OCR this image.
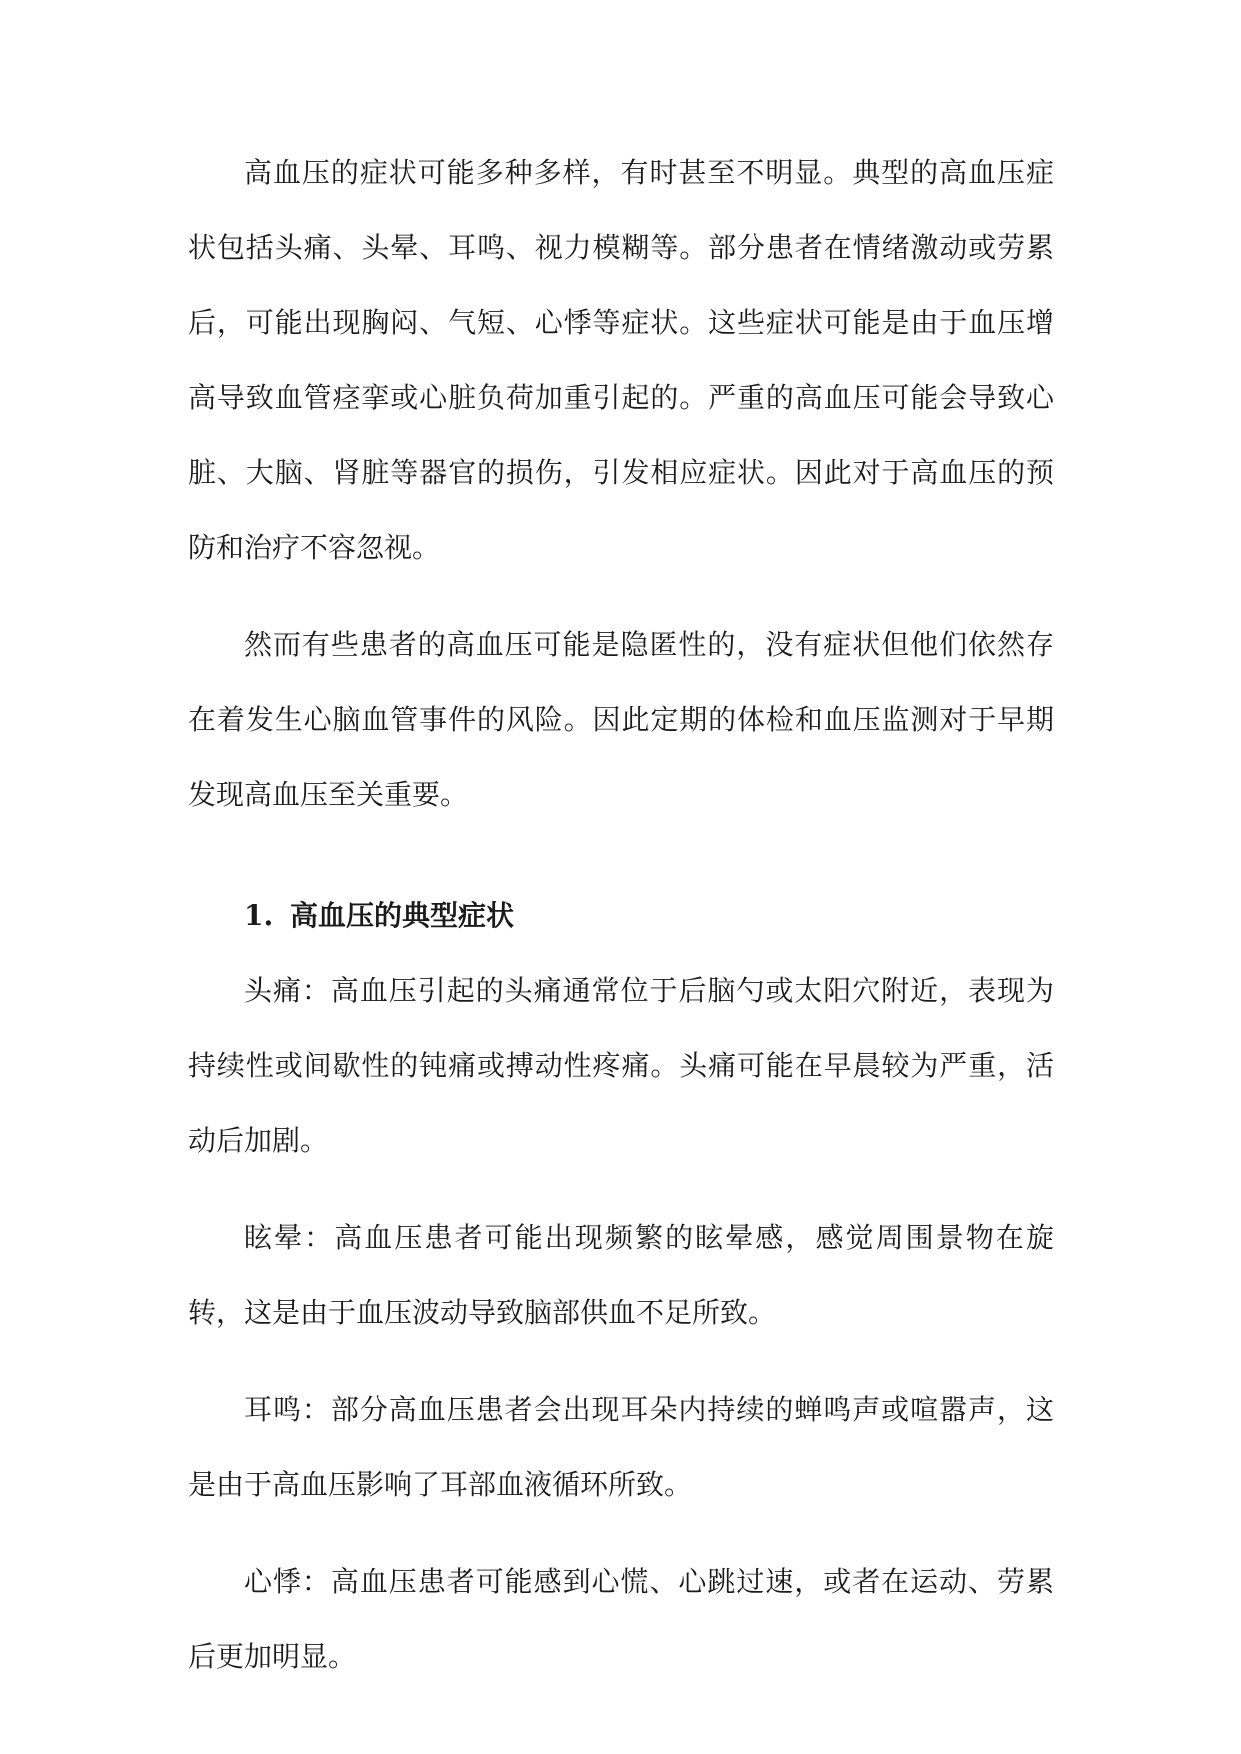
高血压的症状可能多种多样，有时甚至不明显。典型的高血压症状包括头痛、头晕、耳鸣、视力模糊等。部分患者在情绪激动或劳累后，可能出现胸闷、气短、心悸等症状。这些症状可能是由于血压增高导致血管痉挛或心脏负荷加重引起的。严重的高血压可能会导致心脏、大脑、肾脏等器官的损伤，引发相应症状。因此对于高血压的预防和治疗不容忽视。

然而有些患者的高血压可能是隐匿性的，没有症状但他们依然存在着发生心脑血管事件的风险。因此定期的体检和血压监测对于早期发现高血压至关重要。

1. 高血压的典型症状

头痛：高血压引起的头痛通常位于后脑勺或太阳穴附近，表现为持续性或间歇性的钝痛或搏动性疼痛。头痛可能在早晨较为严重，活动后加剧。

眩晕：高血压患者可能出现频繁的眩晕感，感觉周围景物在旋转，这是由于血压波动导致脑部供血不足所致。

耳鸣：部分高血压患者会出现耳朵内持续的蝉鸣声或喧嚣声，这是由于高血压影响了耳部血液循环所致。

心悸：高血压患者可能感到心慌、心跳过速，或者在运动、劳累后更加明显。
